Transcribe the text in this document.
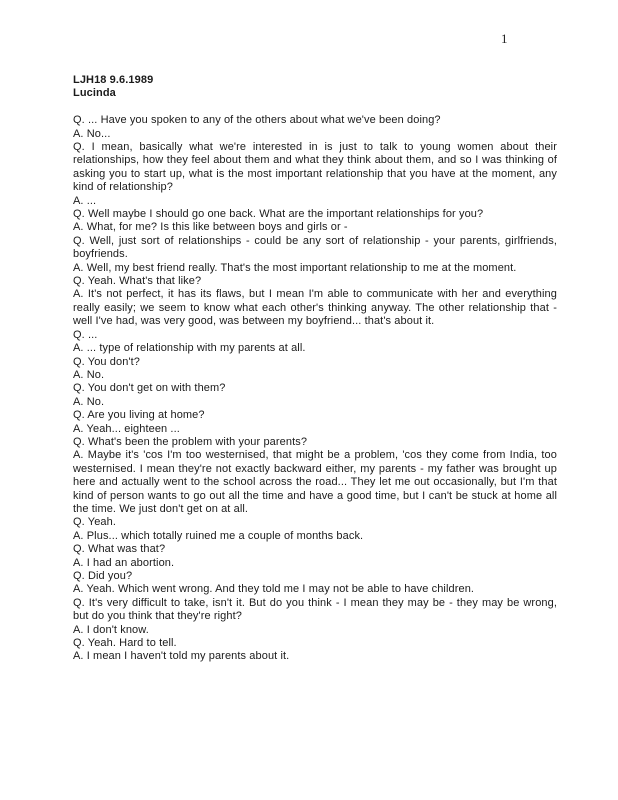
1
LJH18 9.6.1989
Lucinda

Q. ... Have you spoken to any of the others about what we've been doing?

A. No...

Q. I mean, basically what we're interested in is just to talk to young women about their relationships, how they feel about them and what they think about them, and so I was thinking of asking you to start up, what is the most important relationship that you have at the moment, any kind of relationship?

A. ...

Q. Well maybe I should go one back. What are the important relationships for you?

A. What, for me? Is this like between boys and girls or -

Q. Well, just sort of relationships - could be any sort of relationship - your parents, girlfriends, boyfriends.

A. Well, my best friend really. That's the most important relationship to me at the moment.

Q. Yeah. What's that like?

A. It's not perfect, it has its flaws, but I mean I'm able to communicate with her and everything really easily; we seem to know what each other's thinking anyway. The other relationship that - well I've had, was very good, was between my boyfriend... that's about it.

Q. ...

A. ... type of relationship with my parents at all.

Q. You don't?

A. No.

Q. You don't get on with them?

A. No.

Q. Are you living at home?

A. Yeah... eighteen ...

Q. What's been the problem with your parents?

A. Maybe it's 'cos I'm too westernised, that might be a problem, 'cos they come from India, too westernised. I mean they're not exactly backward either, my parents - my father was brought up here and actually went to the school across the road... They let me out occasionally, but I'm that kind of person wants to go out all the time and have a good time, but I can't be stuck at home all the time. We just don't get on at all.

Q. Yeah.

A. Plus... which totally ruined me a couple of months back.

Q. What was that?

A. I had an abortion.

Q. Did you?

A. Yeah. Which went wrong. And they told me I may not be able to have children.

Q. It's very difficult to take, isn't it. But do you think - I mean they may be - they may be wrong, but do you think that they're right?

A. I don't know.

Q. Yeah. Hard to tell.

A. I mean I haven't told my parents about it.
